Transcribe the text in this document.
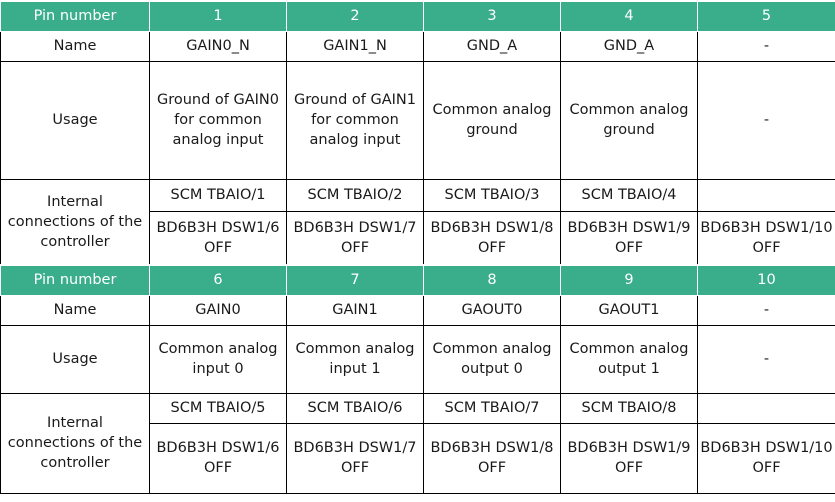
Pin number	1	2	3	4	5
Name	GAIN0_N	GAIN1_N	GND_A	GND_A	-
Usage	Ground of GAIN0 for common analog input	Ground of GAIN1 for common analog input	Common analog ground	Common analog ground	-
Internal connections of the controller	SCM TBAIO/1	SCM TBAIO/2	SCM TBAIO/3	SCM TBAIO/4	
	BD6B3H DSW1/6 OFF	BD6B3H DSW1/7 OFF	BD6B3H DSW1/8 OFF	BD6B3H DSW1/9 OFF	BD6B3H DSW1/10 OFF
Pin number	6	7	8	9	10
Name	GAIN0	GAIN1	GAOUT0	GAOUT1	-
Usage	Common analog input 0	Common analog input 1	Common analog output 0	Common analog output 1	-
Internal connections of the controller	SCM TBAIO/5	SCM TBAIO/6	SCM TBAIO/7	SCM TBAIO/8	
	BD6B3H DSW1/6 OFF	BD6B3H DSW1/7 OFF	BD6B3H DSW1/8 OFF	BD6B3H DSW1/9 OFF	BD6B3H DSW1/10 OFF
